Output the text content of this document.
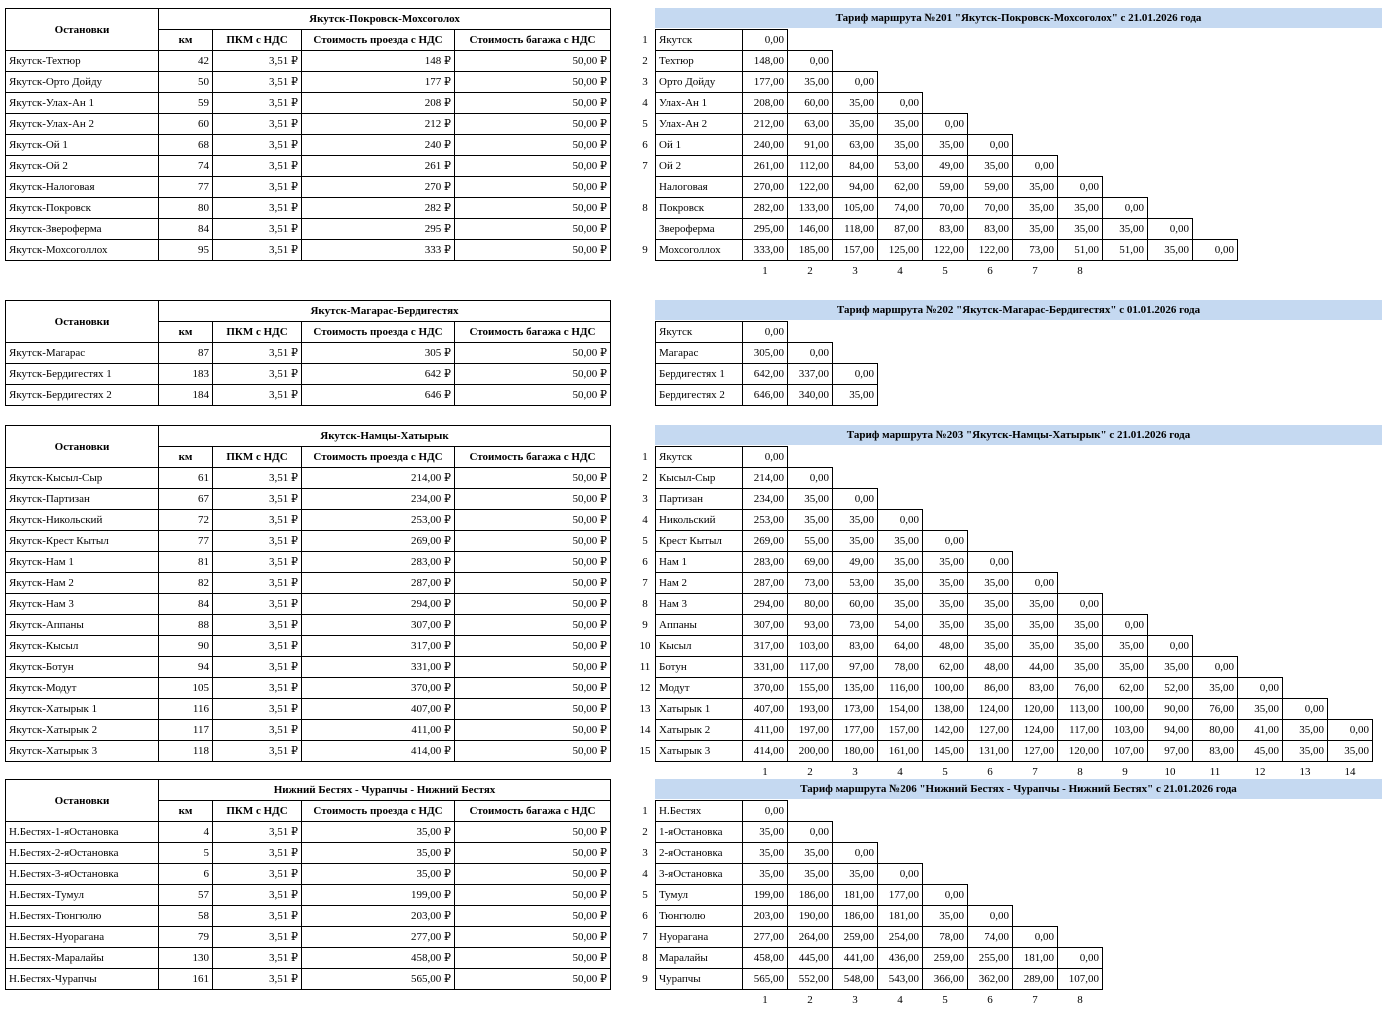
Остановки	Якутск-Покровск-Мохсоголох			
	км	ПКМ с НДС	Стоимость проезда с НДС	Стоимость багажа с НДС
Якутск-Техтюр	42	3,51 ₽	148 ₽	50,00 ₽
Якутск-Орто Дойду	50	3,51 ₽	177 ₽	50,00 ₽
Якутск-Улах-Ан 1	59	3,51 ₽	208 ₽	50,00 ₽
Якутск-Улах-Ан 2	60	3,51 ₽	212 ₽	50,00 ₽
Якутск-Ой 1	68	3,51 ₽	240 ₽	50,00 ₽
Якутск-Ой 2	74	3,51 ₽	261 ₽	50,00 ₽
Якутск-Налоговая	77	3,51 ₽	270 ₽	50,00 ₽
Якутск-Покровск	80	3,51 ₽	282 ₽	50,00 ₽
Якутск-Звероферма	84	3,51 ₽	295 ₽	50,00 ₽
Якутск-Мохсоголлох	95	3,51 ₽	333 ₽	50,00 ₽
Тариф маршрута №201 "Якутск-Покровск-Мохсоголох" с 21.01.2026 года
1	Якутск	0,00													
2	Техтюр	148,00	0,00												
3	Орто Дойду	177,00	35,00	0,00											
4	Улах-Ан 1	208,00	60,00	35,00	0,00										
5	Улах-Ан 2	212,00	63,00	35,00	35,00	0,00									
6	Ой 1	240,00	91,00	63,00	35,00	35,00	0,00								
7	Ой 2	261,00	112,00	84,00	53,00	49,00	35,00	0,00							
	Налоговая	270,00	122,00	94,00	62,00	59,00	59,00	35,00	0,00						
8	Покровск	282,00	133,00	105,00	74,00	70,00	70,00	35,00	35,00	0,00					
	Звероферма	295,00	146,00	118,00	87,00	83,00	83,00	35,00	35,00	35,00	0,00				
9	Мохсоголлох	333,00	185,00	157,00	125,00	122,00	122,00	73,00	51,00	51,00	35,00	0,00			
		1	2	3	4	5	6	7	8						
Остановки	Якутск-Магарас-Бердигестях			
	км	ПКМ с НДС	Стоимость проезда с НДС	Стоимость багажа с НДС
Якутск-Магарас	87	3,51 ₽	305 ₽	50,00 ₽
Якутск-Бердигестях 1	183	3,51 ₽	642 ₽	50,00 ₽
Якутск-Бердигестях 2	184	3,51 ₽	646 ₽	50,00 ₽
Тариф маршрута №202 "Якутск-Магарас-Бердигестях" с 01.01.2026 года
	Якутск	0,00													
	Магарас	305,00	0,00												
	Бердигестях 1	642,00	337,00	0,00											
	Бердигестях 2	646,00	340,00	35,00											
Остановки	Якутск-Намцы-Хатырык			
	км	ПКМ с НДС	Стоимость проезда с НДС	Стоимость багажа с НДС
Якутск-Кысыл-Сыр	61	3,51 ₽	214,00 ₽	50,00 ₽
Якутск-Партизан	67	3,51 ₽	234,00 ₽	50,00 ₽
Якутск-Никольский	72	3,51 ₽	253,00 ₽	50,00 ₽
Якутск-Крест Кытыл	77	3,51 ₽	269,00 ₽	50,00 ₽
Якутск-Нам 1	81	3,51 ₽	283,00 ₽	50,00 ₽
Якутск-Нам 2	82	3,51 ₽	287,00 ₽	50,00 ₽
Якутск-Нам 3	84	3,51 ₽	294,00 ₽	50,00 ₽
Якутск-Аппаны	88	3,51 ₽	307,00 ₽	50,00 ₽
Якутск-Кысыл	90	3,51 ₽	317,00 ₽	50,00 ₽
Якутск-Ботун	94	3,51 ₽	331,00 ₽	50,00 ₽
Якутск-Модут	105	3,51 ₽	370,00 ₽	50,00 ₽
Якутск-Хатырык 1	116	3,51 ₽	407,00 ₽	50,00 ₽
Якутск-Хатырык 2	117	3,51 ₽	411,00 ₽	50,00 ₽
Якутск-Хатырык 3	118	3,51 ₽	414,00 ₽	50,00 ₽
Тариф маршрута №203 "Якутск-Намцы-Хатырык" с 21.01.2026 года
1	Якутск	0,00													
2	Кысыл-Сыр	214,00	0,00												
3	Партизан	234,00	35,00	0,00											
4	Никольский	253,00	35,00	35,00	0,00										
5	Крест Кытыл	269,00	55,00	35,00	35,00	0,00									
6	Нам 1	283,00	69,00	49,00	35,00	35,00	0,00								
7	Нам 2	287,00	73,00	53,00	35,00	35,00	35,00	0,00							
8	Нам 3	294,00	80,00	60,00	35,00	35,00	35,00	35,00	0,00						
9	Аппаны	307,00	93,00	73,00	54,00	35,00	35,00	35,00	35,00	0,00					
10	Кысыл	317,00	103,00	83,00	64,00	48,00	35,00	35,00	35,00	35,00	0,00				
11	Ботун	331,00	117,00	97,00	78,00	62,00	48,00	44,00	35,00	35,00	35,00	0,00			
12	Модут	370,00	155,00	135,00	116,00	100,00	86,00	83,00	76,00	62,00	52,00	35,00	0,00		
13	Хатырык 1	407,00	193,00	173,00	154,00	138,00	124,00	120,00	113,00	100,00	90,00	76,00	35,00	0,00	
14	Хатырык 2	411,00	197,00	177,00	157,00	142,00	127,00	124,00	117,00	103,00	94,00	80,00	41,00	35,00	0,00
15	Хатырык 3	414,00	200,00	180,00	161,00	145,00	131,00	127,00	120,00	107,00	97,00	83,00	45,00	35,00	35,00
		1	2	3	4	5	6	7	8	9	10	11	12	13	14
Остановки	Нижний Бестях - Чурапчы - Нижний Бестях			
	км	ПКМ с НДС	Стоимость проезда с НДС	Стоимость багажа с НДС
Н.Бестях-1-яОстановка	4	3,51 ₽	35,00 ₽	50,00 ₽
Н.Бестях-2-яОстановка	5	3,51 ₽	35,00 ₽	50,00 ₽
Н.Бестях-3-яОстановка	6	3,51 ₽	35,00 ₽	50,00 ₽
Н.Бестях-Тумул	57	3,51 ₽	199,00 ₽	50,00 ₽
Н.Бестях-Тюнгюлю	58	3,51 ₽	203,00 ₽	50,00 ₽
Н.Бестях-Нуорагана	79	3,51 ₽	277,00 ₽	50,00 ₽
Н.Бестях-Маралайы	130	3,51 ₽	458,00 ₽	50,00 ₽
Н.Бестях-Чурапчы	161	3,51 ₽	565,00 ₽	50,00 ₽
Тариф маршрута №206 "Нижний Бестях - Чурапчы - Нижний Бестях" с 21.01.2026 года
1	Н.Бестях	0,00													
2	1-яОстановка	35,00	0,00												
3	2-яОстановка	35,00	35,00	0,00											
4	3-яОстановка	35,00	35,00	35,00	0,00										
5	Тумул	199,00	186,00	181,00	177,00	0,00									
6	Тюнгюлю	203,00	190,00	186,00	181,00	35,00	0,00								
7	Нуорагана	277,00	264,00	259,00	254,00	78,00	74,00	0,00							
8	Маралайы	458,00	445,00	441,00	436,00	259,00	255,00	181,00	0,00						
9	Чурапчы	565,00	552,00	548,00	543,00	366,00	362,00	289,00	107,00						
		1	2	3	4	5	6	7	8						
